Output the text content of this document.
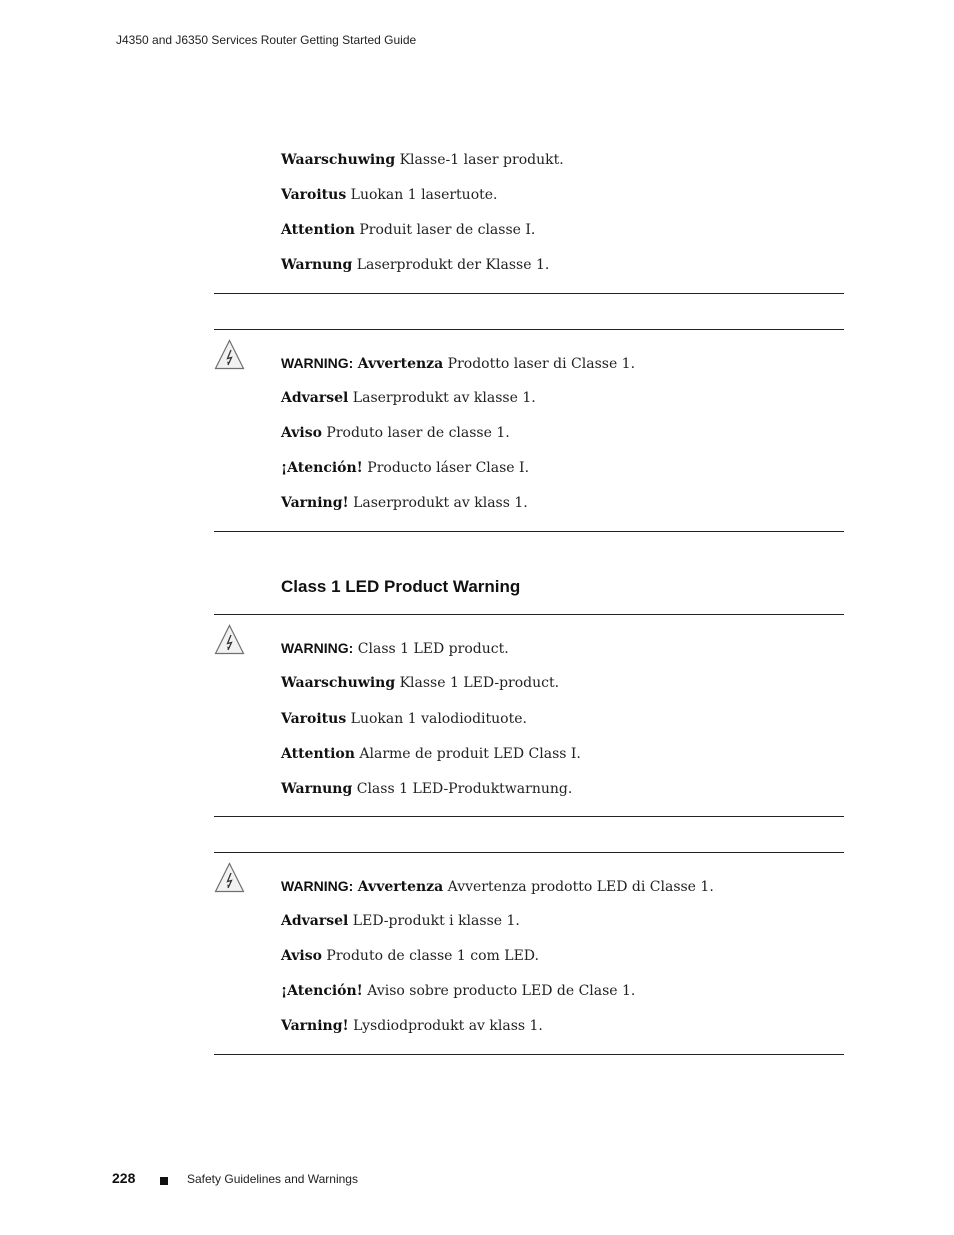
J4350 and J6350 Services Router Getting Started Guide
Waarschuwing Klasse-1 laser produkt.
Varoitus Luokan 1 lasertuote.
Attention Produit laser de classe I.
Warnung Laserprodukt der Klasse 1.
WARNING: Avvertenza Prodotto laser di Classe 1.
Advarsel Laserprodukt av klasse 1.
Aviso Produto laser de classe 1.
¡Atención! Producto láser Clase I.
Varning! Laserprodukt av klass 1.
Class 1 LED Product Warning
WARNING: Class 1 LED product.
Waarschuwing Klasse 1 LED-product.
Varoitus Luokan 1 valodiodituote.
Attention Alarme de produit LED Class I.
Warnung Class 1 LED-Produktwarnung.
WARNING: Avvertenza Avvertenza prodotto LED di Classe 1.
Advarsel LED-produkt i klasse 1.
Aviso Produto de classe 1 com LED.
¡Atención! Aviso sobre producto LED de Clase 1.
Varning! Lysdiodprodukt av klass 1.
228	Safety Guidelines and Warnings
